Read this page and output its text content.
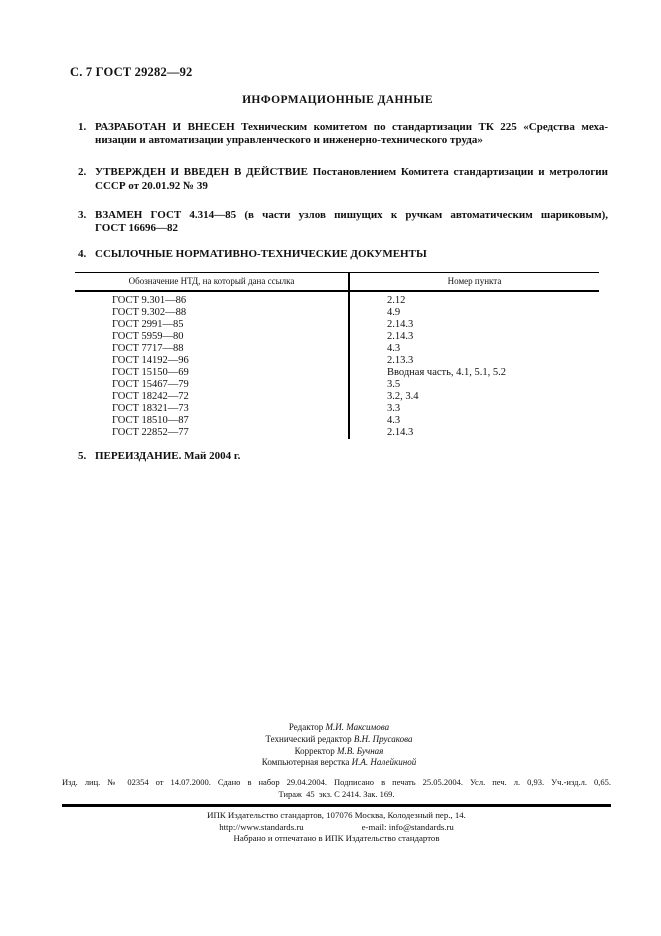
С. 7 ГОСТ 29282—92
ИНФОРМАЦИОННЫЕ ДАННЫЕ
1. РАЗРАБОТАН И ВНЕСЕН Техническим комитетом по стандартизации ТК 225 «Средства меха-
низации и автоматизации управленческого и инженерно-технического труда»
2. УТВЕРЖДЕН И ВВЕДЕН В ДЕЙСТВИЕ Постановлением Комитета стандартизации и метрологии
СССР от 20.01.92 № 39
3. ВЗАМЕН ГОСТ 4.314—85 (в части узлов пишущих к ручкам автоматическим шариковым),
ГОСТ 16696—82
4. ССЫЛОЧНЫЕ НОРМАТИВНО-ТЕХНИЧЕСКИЕ ДОКУМЕНТЫ
Обозначение НТД, на который дана ссылка	Номер пункта
ГОСТ 9.301—86	2.12
ГОСТ 9.302—88	4.9
ГОСТ 2991—85	2.14.3
ГОСТ 5959—80	2.14.3
ГОСТ 7717—88	4.3
ГОСТ 14192—96	2.13.3
ГОСТ 15150—69	Вводная часть, 4.1, 5.1, 5.2
ГОСТ 15467—79	3.5
ГОСТ 18242—72	3.2, 3.4
ГОСТ 18321—73	3.3
ГОСТ 18510—87	4.3
ГОСТ 22852—77	2.14.3
5. ПЕРЕИЗДАНИЕ. Май 2004 г.
Редактор М.И. Максимова
Технический редактор В.Н. Прусакова
Корректор М.В. Бучная
Компьютерная верстка И.А. Налейкиной
Изд. лиц. № 02354 от 14.07.2000. Сдано в набор 29.04.2004. Подписано в печать 25.05.2004. Усл. печ. л. 0,93. Уч.-изд.л. 0,65.
Тираж 45 экз. С 2414. Зак. 169.
ИПК Издательство стандартов, 107076 Москва, Колодезный пер., 14.
http://www.standards.ru	e-mail: info@standards.ru
Набрано и отпечатано в ИПК Издательство стандартов
